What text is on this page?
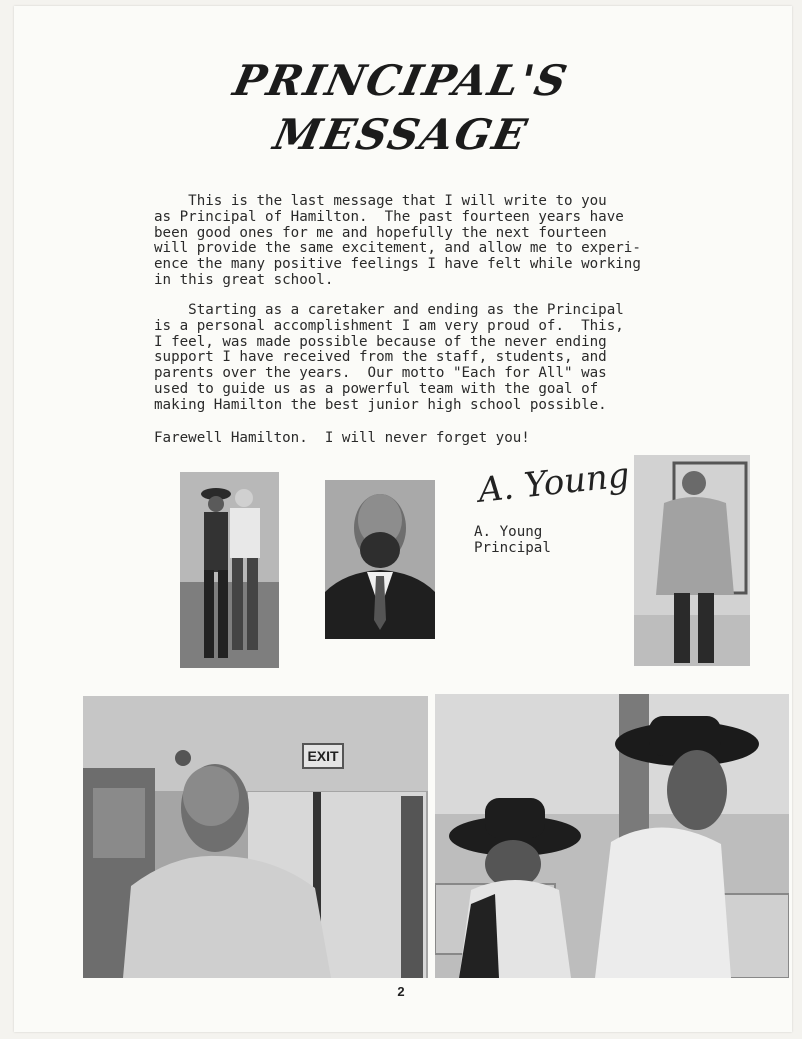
PRINCIPAL'S
MESSAGE

This is the last message that I will write to you
as Principal of Hamilton.  The past fourteen years have
been good ones for me and hopefully the next fourteen
will provide the same excitement, and allow me to experi-
ence the many positive feelings I have felt while working
in this great school.

Starting as a caretaker and ending as the Principal
is a personal accomplishment I am very proud of.  This,
I feel, was made possible because of the never ending
support I have received from the staff, students, and
parents over the years.  Our motto "Each for All" was
used to guide us as a powerful team with the goal of
making Hamilton the best junior high school possible.

Farewell Hamilton.  I will never forget you!

A. Young

A. Young

Principal

EXIT
2
